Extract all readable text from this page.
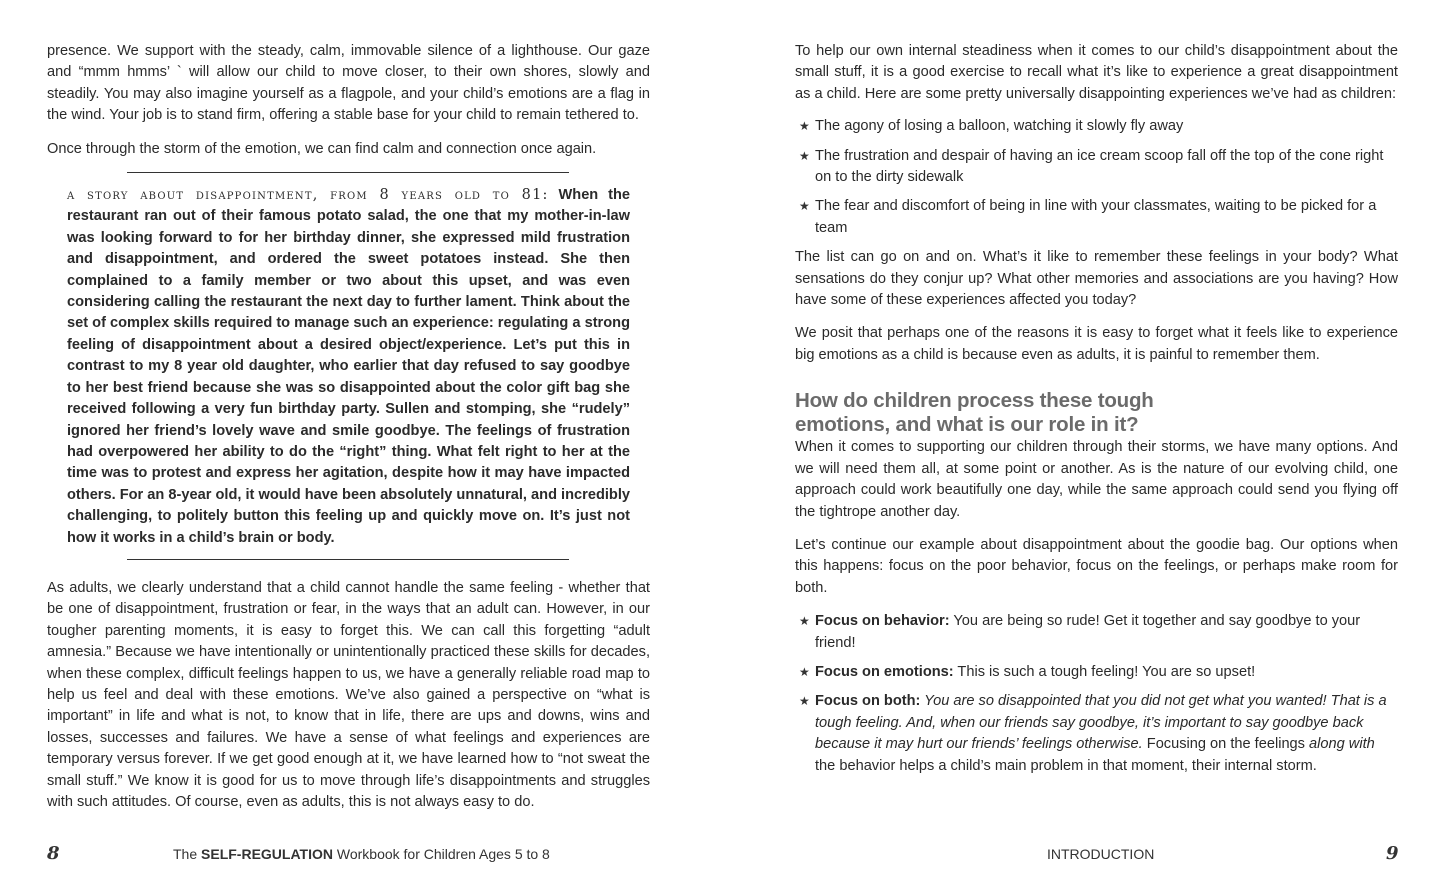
presence. We support with the steady, calm, immovable silence of a lighthouse. Our gaze and “mmm hmms’ ` will allow our child to move closer, to their own shores, slowly and steadily. You may also imagine yourself as a flagpole, and your child’s emotions are a flag in the wind. Your job is to stand firm, offering a stable base for your child to remain tethered to.

Once through the storm of the emotion, we can find calm and connection once again.

a story about disappointment, from 8 years old to 81: When the restaurant ran out of their famous potato salad, the one that my mother-in-law was looking forward to for her birthday dinner, she expressed mild frustration and disappointment, and ordered the sweet potatoes instead. She then complained to a family member or two about this upset, and was even considering calling the restaurant the next day to further lament. Think about the set of complex skills required to manage such an experience: regulating a strong feeling of disappointment about a desired object/experience. Let’s put this in contrast to my 8 year old daughter, who earlier that day refused to say goodbye to her best friend because she was so disappointed about the color gift bag she received following a very fun birthday party. Sullen and stomping, she “rudely” ignored her friend’s lovely wave and smile goodbye. The feelings of frustration had overpowered her ability to do the “right” thing. What felt right to her at the time was to protest and express her agitation, despite how it may have impacted others. For an 8-year old, it would have been absolutely unnatural, and incredibly challenging, to politely button this feeling up and quickly move on. It’s just not how it works in a child’s brain or body.

As adults, we clearly understand that a child cannot handle the same feeling - whether that be one of disappointment, frustration or fear, in the ways that an adult can. However, in our tougher parenting moments, it is easy to forget this. We can call this forgetting “adult amnesia.” Because we have intentionally or unintentionally practiced these skills for decades, when these complex, difficult feelings happen to us, we have a generally reliable road map to help us feel and deal with these emotions. We’ve also gained a perspective on “what is important” in life and what is not, to know that in life, there are ups and downs, wins and losses, successes and failures. We have a sense of what feelings and experiences are temporary versus forever. If we get good enough at it, we have learned how to “not sweat the small stuff.” We know it is good for us to move through life’s disappointments and struggles with such attitudes. Of course, even as adults, this is not always easy to do.

8	The SELF-REGULATION Workbook for Children Ages 5 to 8

To help our own internal steadiness when it comes to our child’s disappointment about the small stuff, it is a good exercise to recall what it’s like to experience a great disappointment as a child. Here are some pretty universally disappointing experiences we’ve had as children:

★ The agony of losing a balloon, watching it slowly fly away
★ The frustration and despair of having an ice cream scoop fall off the top of the cone right on to the dirty sidewalk
★ The fear and discomfort of being in line with your classmates, waiting to be picked for a team

The list can go on and on. What’s it like to remember these feelings in your body? What sensations do they conjur up? What other memories and associations are you having? How have some of these experiences affected you today?

We posit that perhaps one of the reasons it is easy to forget what it feels like to experience big emotions as a child is because even as adults, it is painful to remember them.

How do children process these tough
emotions, and what is our role in it?

When it comes to supporting our children through their storms, we have many options. And we will need them all, at some point or another. As is the nature of our evolving child, one approach could work beautifully one day, while the same approach could send you flying off the tightrope another day.

Let’s continue our example about disappointment about the goodie bag. Our options when this happens: focus on the poor behavior, focus on the feelings, or perhaps make room for both.

★ Focus on behavior: You are being so rude! Get it together and say goodbye to your friend!
★ Focus on emotions: This is such a tough feeling! You are so upset!
★ Focus on both: You are so disappointed that you did not get what you wanted! That is a tough feeling. And, when our friends say goodbye, it’s important to say goodbye back because it may hurt our friends’ feelings otherwise. Focusing on the feelings along with the behavior helps a child’s main problem in that moment, their internal storm.
INTRODUCTION	9
